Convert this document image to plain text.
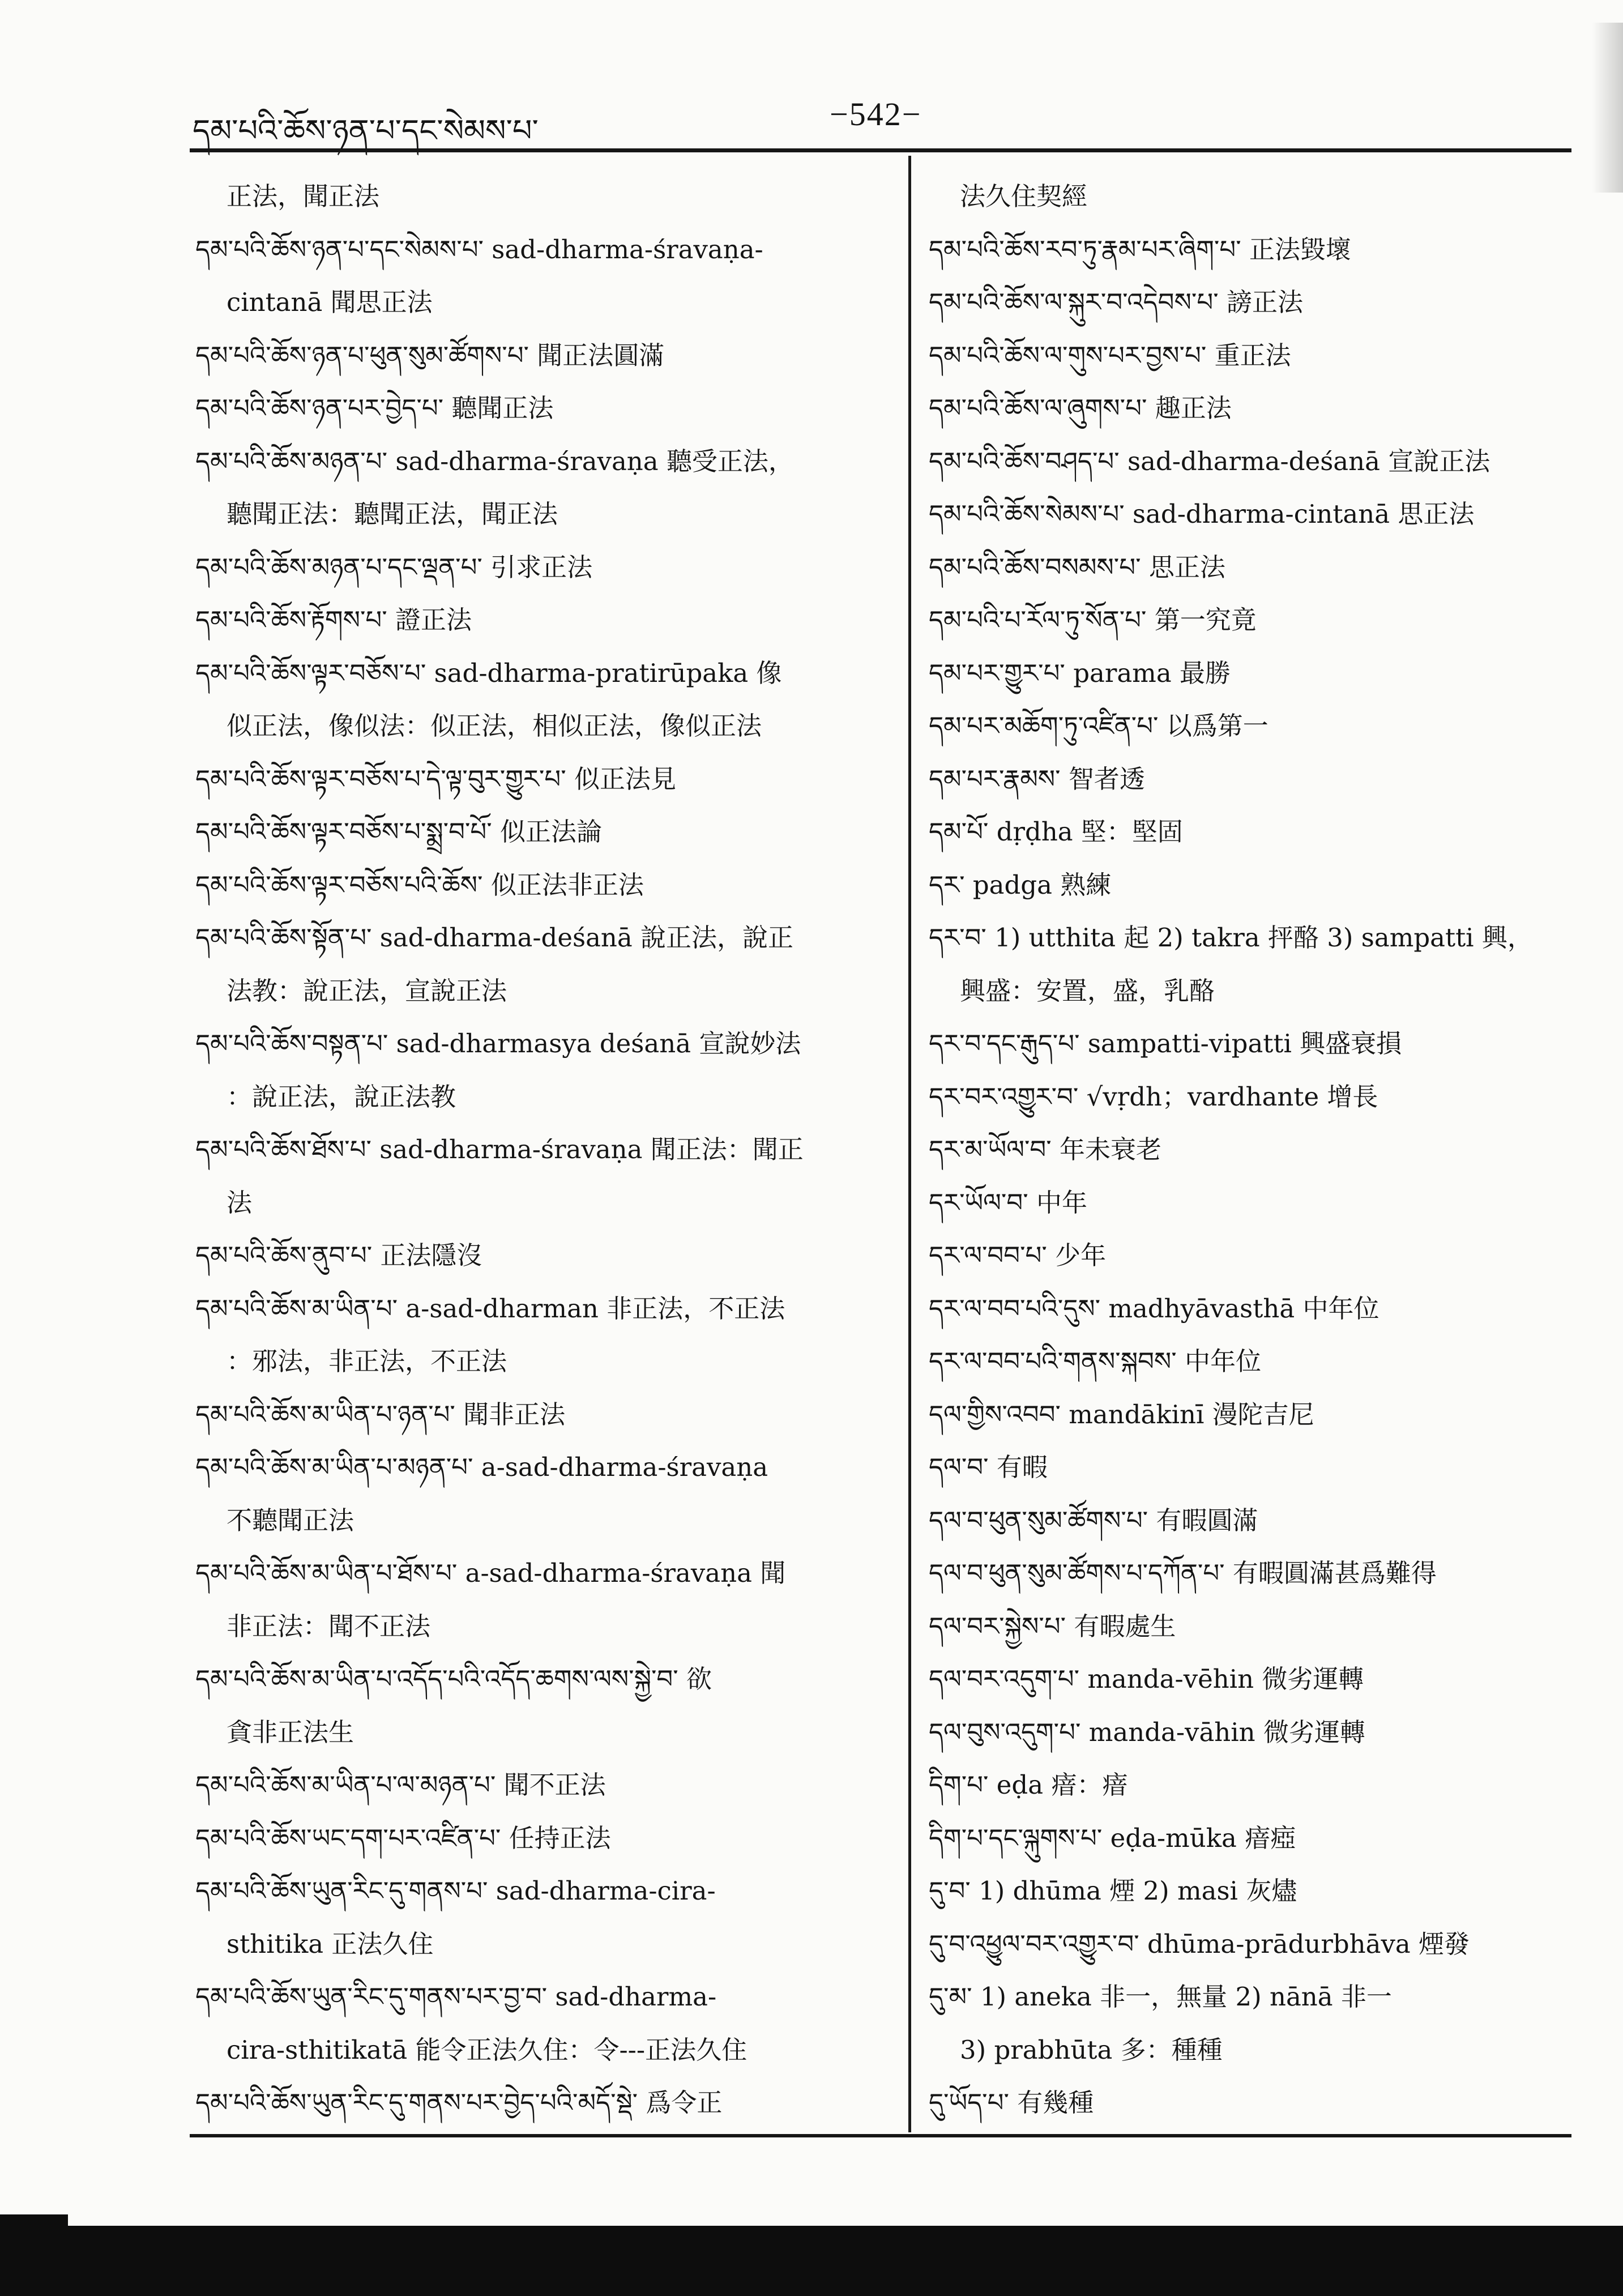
དམ་པའི་ཆོས་ཉན་པ་དང་སེམས་པ་	−542−
正法，聞正法
དམ་པའི་ཆོས་ཉན་པ་དང་སེམས་པ་ sad-dharma-śravaṇa-
cintanā 聞思正法
དམ་པའི་ཆོས་ཉན་པ་ཕུན་སུམ་ཚོགས་པ་ 聞正法圓滿
དམ་པའི་ཆོས་ཉན་པར་བྱེད་པ་ 聽聞正法
དམ་པའི་ཆོས་མཉན་པ་ sad-dharma-śravaṇa 聽受正法，
聽聞正法：聽聞正法，聞正法
དམ་པའི་ཆོས་མཉན་པ་དང་ལྡན་པ་ 引求正法
དམ་པའི་ཆོས་རྟོགས་པ་ 證正法
དམ་པའི་ཆོས་ལྟར་བཅོས་པ་ sad-dharma-pratirūpaka 像
似正法，像似法：似正法，相似正法，像似正法
དམ་པའི་ཆོས་ལྟར་བཅོས་པ་དེ་ལྟ་བུར་གྱུར་པ་ 似正法見
དམ་པའི་ཆོས་ལྟར་བཅོས་པ་སྨྲ་བ་པོ་ 似正法論
དམ་པའི་ཆོས་ལྟར་བཅོས་པའི་ཆོས་ 似正法非正法
དམ་པའི་ཆོས་སྟོན་པ་ sad-dharma-deśanā 說正法，說正
法教：說正法，宣說正法
དམ་པའི་ཆོས་བསྟན་པ་ sad-dharmasya deśanā 宣說妙法
：說正法，說正法教
དམ་པའི་ཆོས་ཐོས་པ་ sad-dharma-śravaṇa 聞正法：聞正
法
དམ་པའི་ཆོས་ནུབ་པ་ 正法隱沒
དམ་པའི་ཆོས་མ་ཡིན་པ་ a-sad-dharman 非正法，不正法
：邪法，非正法，不正法
དམ་པའི་ཆོས་མ་ཡིན་པ་ཉན་པ་ 聞非正法
དམ་པའི་ཆོས་མ་ཡིན་པ་མཉན་པ་ a-sad-dharma-śravaṇa
不聽聞正法
དམ་པའི་ཆོས་མ་ཡིན་པ་ཐོས་པ་ a-sad-dharma-śravaṇa 聞
非正法：聞不正法
དམ་པའི་ཆོས་མ་ཡིན་པ་འདོད་པའི་འདོད་ཆགས་ལས་སྐྱེ་བ་ 欲
貪非正法生
དམ་པའི་ཆོས་མ་ཡིན་པ་ལ་མཉན་པ་ 聞不正法
དམ་པའི་ཆོས་ཡང་དག་པར་འཛིན་པ་ 任持正法
དམ་པའི་ཆོས་ཡུན་རིང་དུ་གནས་པ་ sad-dharma-cira-
sthitika 正法久住
དམ་པའི་ཆོས་ཡུན་རིང་དུ་གནས་པར་བྱ་བ་ sad-dharma-
cira-sthitikatā 能令正法久住：令---正法久住
དམ་པའི་ཆོས་ཡུན་རིང་དུ་གནས་པར་བྱེད་པའི་མདོ་སྡེ་ 爲令正
法久住契經
དམ་པའི་ཆོས་རབ་ཏུ་རྣམ་པར་ཞིག་པ་ 正法毀壞
དམ་པའི་ཆོས་ལ་སྐུར་བ་འདེབས་པ་ 謗正法
དམ་པའི་ཆོས་ལ་གུས་པར་བྱས་པ་ 重正法
དམ་པའི་ཆོས་ལ་ཞུགས་པ་ 趣正法
དམ་པའི་ཆོས་བཤད་པ་ sad-dharma-deśanā 宣說正法
དམ་པའི་ཆོས་སེམས་པ་ sad-dharma-cintanā 思正法
དམ་པའི་ཆོས་བསམས་པ་ 思正法
དམ་པའི་པ་རོལ་ཏུ་སོན་པ་ 第一究竟
དམ་པར་གྱུར་པ་ parama 最勝
དམ་པར་མཆོག་ཏུ་འཛིན་པ་ 以爲第一
དམ་པར་རྣམས་ 智者透
དམ་པོ་ dṛḍha 堅：堅固
དར་ padga 熟練
དར་བ་ 1) utthita 起 2) takra 抨酪 3) sampatti 興，
興盛：安置，盛，乳酪
དར་བ་དང་རྒུད་པ་ sampatti-vipatti 興盛衰損
དར་བར་འགྱུར་བ་ √vṛdh；vardhante 增長
དར་མ་ཡོལ་བ་ 年未衰老
དར་ཡོལ་བ་ 中年
དར་ལ་བབ་པ་ 少年
དར་ལ་བབ་པའི་དུས་ madhyāvasthā 中年位
དར་ལ་བབ་པའི་གནས་སྐབས་ 中年位
དལ་གྱིས་འབབ་ mandākinī 漫陀吉尼
དལ་བ་ 有暇
དལ་བ་ཕུན་སུམ་ཚོགས་པ་ 有暇圓滿
དལ་བ་ཕུན་སུམ་ཚོགས་པ་དཀོན་པ་ 有暇圓滿甚爲難得
དལ་བར་སྐྱེས་པ་ 有暇處生
དལ་བར་འདུག་པ་ manda-vēhin 微劣運轉
དལ་བུས་འདུག་པ་ manda-vāhin 微劣運轉
དིག་པ་ eḍa 瘖：瘖
དིག་པ་དང་ལྐུགས་པ་ eḍa-mūka 瘖瘂
དུ་བ་ 1) dhūma 煙 2) masi 灰燼
དུ་བ་འཕྱུལ་བར་འགྱུར་བ་ dhūma-prādurbhāva 煙發
དུ་མ་ 1) aneka 非一，無量 2) nānā 非一
3) prabhūta 多：種種
དུ་ཡོད་པ་ 有幾種
